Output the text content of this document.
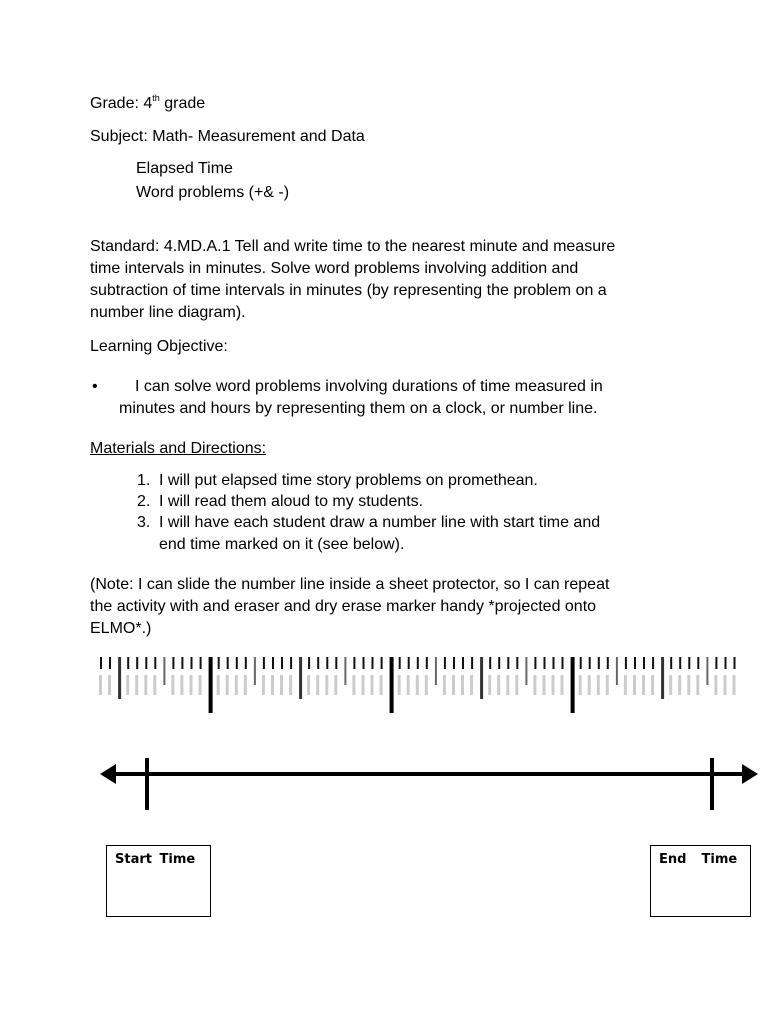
Grade: 4th grade
Subject: Math- Measurement and Data
Elapsed Time
Word problems (+& -)
Standard: 4.MD.A.1 Tell and write time to the nearest minute and measure
time intervals in minutes. Solve word problems involving addition and
subtraction of time intervals in minutes (by representing the problem on a
number line diagram).
Learning Objective:
• I can solve word problems involving durations of time measured in
minutes and hours by representing them on a clock, or number line.
Materials and Directions:
1. I will put elapsed time story problems on promethean.
2. I will read them aloud to my students.
3. I will have each student draw a number line with start time and
end time marked on it (see below).
(Note: I can slide the number line inside a sheet protector, so I can repeat
the activity with and eraser and dry erase marker handy *projected onto
ELMO*.)
Start Time	End  Time
